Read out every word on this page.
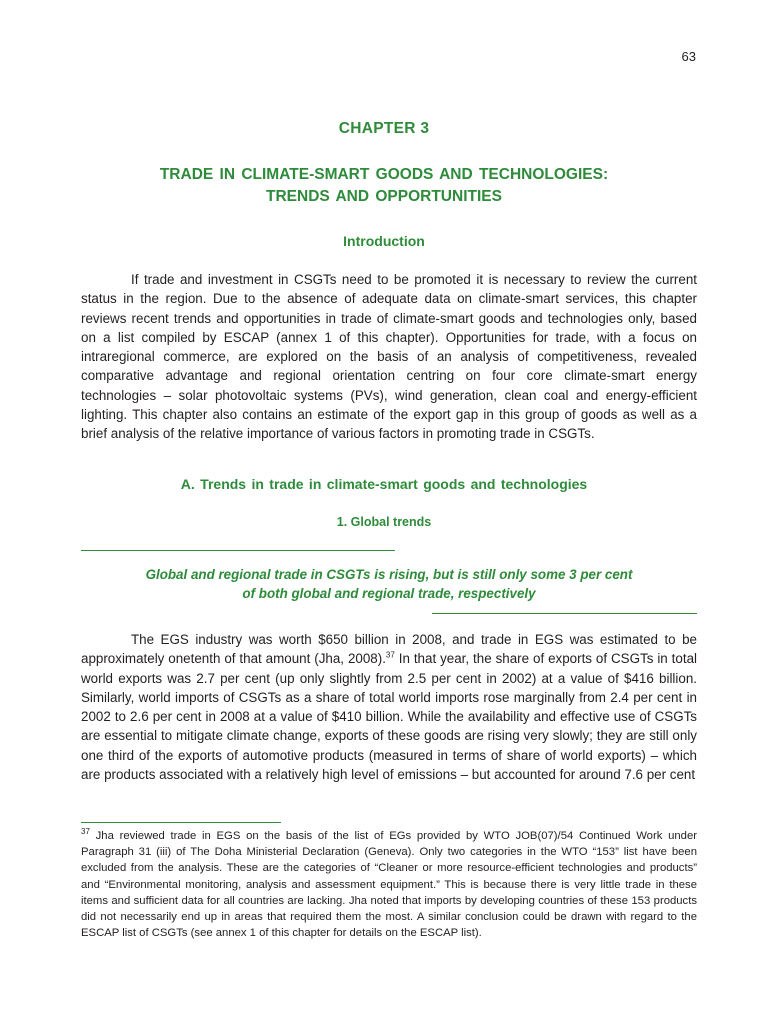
63
CHAPTER 3
TRADE IN CLIMATE-SMART GOODS AND TECHNOLOGIES:
TRENDS AND OPPORTUNITIES
Introduction

If trade and investment in CSGTs need to be promoted it is necessary to review the current status in the region. Due to the absence of adequate data on climate-smart services, this chapter reviews recent trends and opportunities in trade of climate-smart goods and technologies only, based on a list compiled by ESCAP (annex 1 of this chapter). Opportunities for trade, with a focus on intraregional commerce, are explored on the basis of an analysis of competitiveness, revealed comparative advantage and regional orientation centring on four core climate-smart energy technologies – solar photovoltaic systems (PVs), wind generation, clean coal and energy-efficient lighting. This chapter also contains an estimate of the export gap in this group of goods as well as a brief analysis of the relative importance of various factors in promoting trade in CSGTs.

A. Trends in trade in climate-smart goods and technologies
1. Global trends
Global and regional trade in CSGTs is rising, but is still only some 3 per cent
of both global and regional trade, respectively

The EGS industry was worth $650 billion in 2008, and trade in EGS was estimated to be approximately onetenth of that amount (Jha, 2008).$^{37}$ In that year, the share of exports of CSGTs in total world exports was 2.7 per cent (up only slightly from 2.5 per cent in 2002) at a value of $416 billion. Similarly, world imports of CSGTs as a share of total world imports rose marginally from 2.4 per cent in 2002 to 2.6 per cent in 2008 at a value of $410 billion. While the availability and effective use of CSGTs are essential to mitigate climate change, exports of these goods are rising very slowly; they are still only one third of the exports of automotive products (measured in terms of share of world exports) – which are products associated with a relatively high level of emissions – but accounted for around 7.6 per cent

$^{37}$ Jha reviewed trade in EGS on the basis of the list of EGs provided by WTO JOB(07)/54 Continued Work under Paragraph 31 (iii) of The Doha Ministerial Declaration (Geneva). Only two categories in the WTO “153” list have been excluded from the analysis. These are the categories of “Cleaner or more resource-efficient technologies and products” and “Environmental monitoring, analysis and assessment equipment.” This is because there is very little trade in these items and sufficient data for all countries are lacking. Jha noted that imports by developing countries of these 153 products did not necessarily end up in areas that required them the most. A similar conclusion could be drawn with regard to the ESCAP list of CSGTs (see annex 1 of this chapter for details on the ESCAP list).
